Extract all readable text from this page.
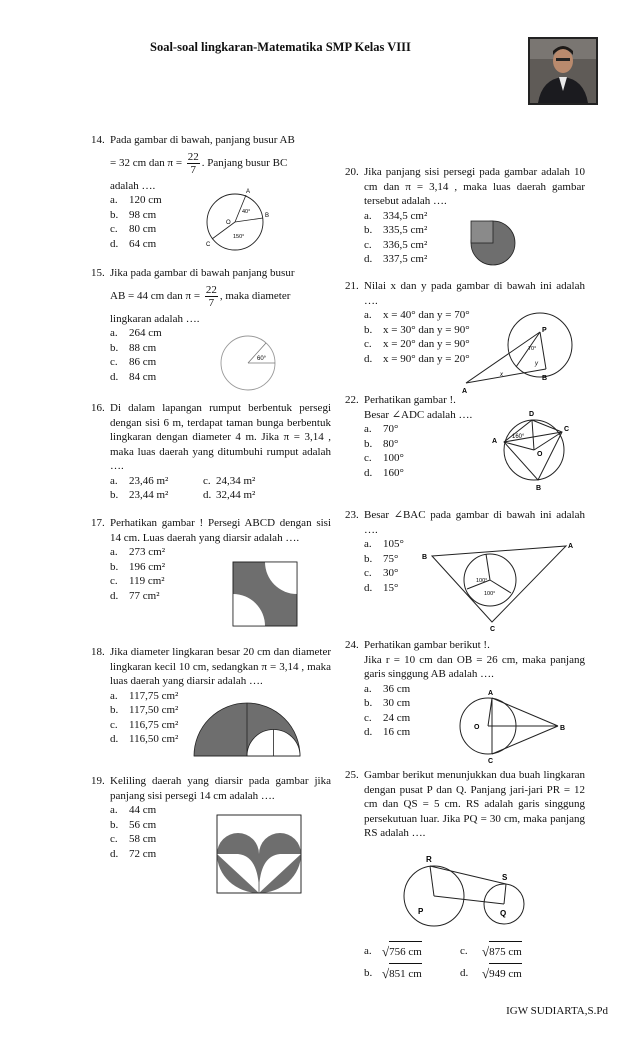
Soal-soal lingkaran-Matematika SMP Kelas VIII
14. Pada gambar di bawah, panjang busur AB
= 32 cm dan $\pi = \frac{22}{7}$ . Panjang busur BC
adalah ….
a.	120 cm
b. 98 cm
c.	80 cm
d. 64 cm
A
B
C
O
40°
150°
15. Jika pada gambar di bawah panjang busur
AB = 44 cm dan $\pi = \frac{22}{7}$ , maka diameter
lingkaran adalah ….
a.	264 cm
b. 88 cm
c.	86 cm
d. 84 cm
60°
16. Di dalam lapangan rumput berbentuk persegi dengan sisi 6 m, terdapat taman bunga berbentuk lingkaran dengan diameter 4 m. Jika π = 3,14 , maka luas daerah yang ditumbuhi rumput adalah ….
a.	23,46 m²	c. 24,34 m²
b. 23,44 m²	d. 32,44 m²
17. Perhatikan gambar ! Persegi ABCD dengan sisi 14 cm. Luas daerah yang diarsir adalah ….
a.	273 cm²
b. 196 cm²
c.	119 cm²
d. 77 cm²
18. Jika diameter lingkaran besar 20 cm dan diameter lingkaran kecil 10 cm, sedangkan π = 3,14 , maka luas daerah yang diarsir adalah ….
a.	117,75 cm²
b. 117,50 cm²
c.	116,75 cm²
d. 116,50 cm²
19. Keliling daerah yang diarsir pada gambar jika panjang sisi persegi 14 cm adalah ….
a.	44 cm
b. 56 cm
c.	58 cm
d. 72 cm
20. Jika panjang sisi persegi pada gambar adalah 10 cm dan π = 3,14 , maka luas daerah gambar tersebut adalah ….
a.	334,5 cm²
b. 335,5 cm²
c.	336,5 cm²
d. 337,5 cm²
21. Nilai x dan y pada gambar di bawah ini adalah ….
a.	x = 40° dan y = 70°
b. x = 30° dan y = 90°
c.	x = 20° dan y = 90°
d. x = 90° dan y = 20°
P
A
B
x
y
70°
22. Perhatikan gambar !.
Besar ∠ADC adalah ….
a.	70°
b. 80°
c.	100°
d. 160°
A
D
C
B
O
160°
23. Besar ∠BAC pada gambar di bawah ini adalah ….
a.	105°
b. 75°
c.	30°
d. 15°
B
A
C
100°
100°
24. Perhatikan gambar berikut !.
Jika r = 10 cm dan OB = 26 cm, maka panjang garis singgung AB adalah ….
a.	36 cm
b. 30 cm
c.	24 cm
d. 16 cm
A
B
C
O
25. Gambar berikut menunjukkan dua buah lingkaran dengan pusat P dan Q. Panjang jari-jari PR = 12 cm dan QS = 5 cm. RS adalah garis singgung persekutuan luar. Jika PQ = 30 cm, maka panjang RS adalah ….
R
S
P	Q
a. √ 756 cm	c.	√ 875 cm
b. √ 851 cm	d.	√ 949 cm
IGW SUDIARTA,S.Pd
